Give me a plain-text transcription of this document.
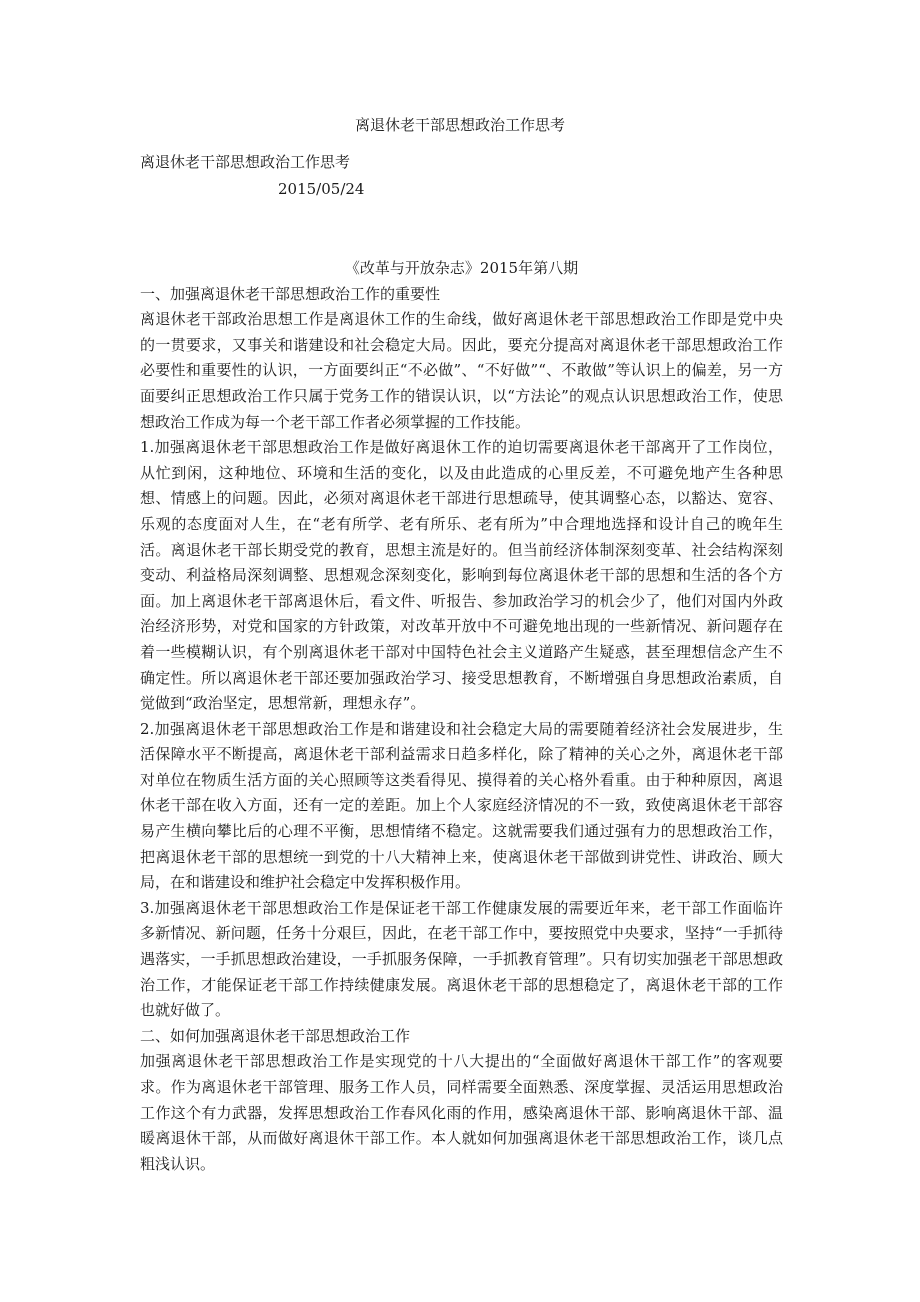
离退休老干部思想政治工作思考
离退休老干部思想政治工作思考
2015/05/24

《改革与开放杂志》2015年第八期

一、加强离退休老干部思想政治工作的重要性

离退休老干部政治思想工作是离退休工作的生命线，做好离退休老干部思想政治工作即是党中央的一贯要求，又事关和谐建设和社会稳定大局。因此，要充分提高对离退休老干部思想政治工作必要性和重要性的认识，一方面要纠正“不必做”、“不好做”“、不敢做”等认识上的偏差，另一方面要纠正思想政治工作只属于党务工作的错误认识，以“方法论”的观点认识思想政治工作，使思想政治工作成为每一个老干部工作者必须掌握的工作技能。

1.加强离退休老干部思想政治工作是做好离退休工作的迫切需要离退休老干部离开了工作岗位，从忙到闲，这种地位、环境和生活的变化，以及由此造成的心里反差，不可避免地产生各种思想、情感上的问题。因此，必须对离退休老干部进行思想疏导，使其调整心态，以豁达、宽容、乐观的态度面对人生，在“老有所学、老有所乐、老有所为”中合理地选择和设计自己的晚年生活。离退休老干部长期受党的教育，思想主流是好的。但当前经济体制深刻变革、社会结构深刻变动、利益格局深刻调整、思想观念深刻变化，影响到每位离退休老干部的思想和生活的各个方面。加上离退休老干部离退休后，看文件、听报告、参加政治学习的机会少了，他们对国内外政治经济形势，对党和国家的方针政策，对改革开放中不可避免地出现的一些新情况、新问题存在着一些模糊认识，有个别离退休老干部对中国特色社会主义道路产生疑惑，甚至理想信念产生不确定性。所以离退休老干部还要加强政治学习、接受思想教育，不断增强自身思想政治素质，自觉做到“政治坚定，思想常新，理想永存”。

2.加强离退休老干部思想政治工作是和谐建设和社会稳定大局的需要随着经济社会发展进步，生活保障水平不断提高，离退休老干部利益需求日趋多样化，除了精神的关心之外，离退休老干部对单位在物质生活方面的关心照顾等这类看得见、摸得着的关心格外看重。由于种种原因，离退休老干部在收入方面，还有一定的差距。加上个人家庭经济情况的不一致，致使离退休老干部容易产生横向攀比后的心理不平衡，思想情绪不稳定。这就需要我们通过强有力的思想政治工作，把离退休老干部的思想统一到党的十八大精神上来，使离退休老干部做到讲党性、讲政治、顾大局，在和谐建设和维护社会稳定中发挥积极作用。

3.加强离退休老干部思想政治工作是保证老干部工作健康发展的需要近年来，老干部工作面临许多新情况、新问题，任务十分艰巨，因此，在老干部工作中，要按照党中央要求，坚持“一手抓待遇落实，一手抓思想政治建设，一手抓服务保障，一手抓教育管理”。只有切实加强老干部思想政治工作，才能保证老干部工作持续健康发展。离退休老干部的思想稳定了，离退休老干部的工作也就好做了。

二、如何加强离退休老干部思想政治工作

加强离退休老干部思想政治工作是实现党的十八大提出的“全面做好离退休干部工作”的客观要求。作为离退休老干部管理、服务工作人员，同样需要全面熟悉、深度掌握、灵活运用思想政治工作这个有力武器，发挥思想政治工作春风化雨的作用，感染离退休干部、影响离退休干部、温暖离退休干部，从而做好离退休干部工作。本人就如何加强离退休老干部思想政治工作，谈几点粗浅认识。
